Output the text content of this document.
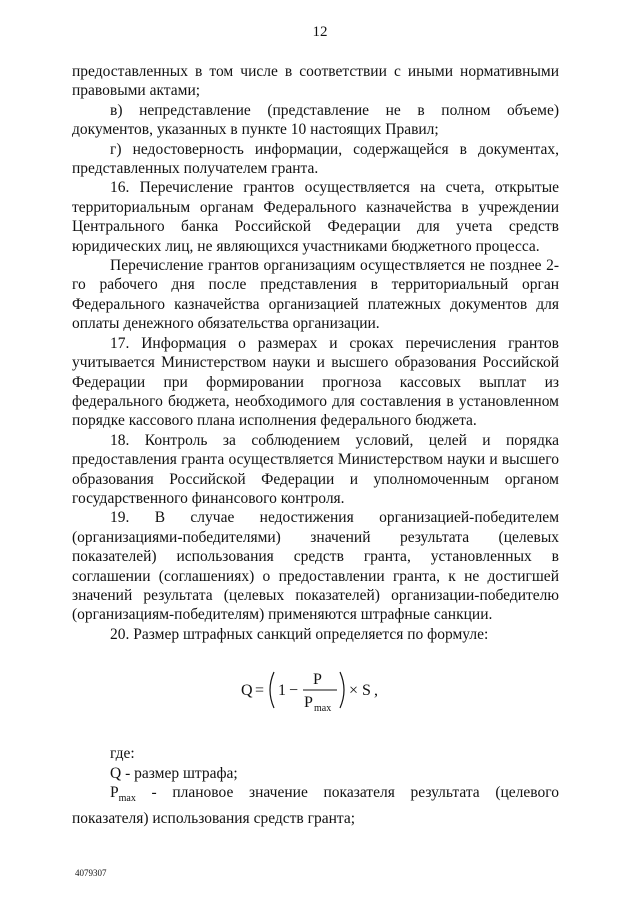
12

предоставленных в том числе в соответствии с иными нормативными правовыми актами;

в) непредставление (представление не в полном объеме) документов, указанных в пункте 10 настоящих Правил;

г) недостоверность информации, содержащейся в документах, представленных получателем гранта.

16. Перечисление грантов осуществляется на счета, открытые территориальным органам Федерального казначейства в учреждении Центрального банка Российской Федерации для учета средств юридических лиц, не являющихся участниками бюджетного процесса.

Перечисление грантов организациям осуществляется не позднее 2-го рабочего дня после представления в территориальный орган Федерального казначейства организацией платежных документов для оплаты денежного обязательства организации.

17. Информация о размерах и сроках перечисления грантов учитывается Министерством науки и высшего образования Российской Федерации при формировании прогноза кассовых выплат из федерального бюджета, необходимого для составления в установленном порядке кассового плана исполнения федерального бюджета.

18. Контроль за соблюдением условий, целей и порядка предоставления гранта осуществляется Министерством науки и высшего образования Российской Федерации и уполномоченным органом государственного финансового контроля.

19. В случае недостижения организацией-победителем (организациями-победителями) значений результата (целевых показателей) использования средств гранта, установленных в соглашении (соглашениях) о предоставлении гранта, к не достигшей значений результата (целевых показателей) организации-победителю (организациям-победителям) применяются штрафные санкции.

20. Размер штрафных санкций определяется по формуле:

Q = 1 −
P
P max
× S ,

где:

Q - размер штрафа;

$P_{max}$ - плановое значение показателя результата (целевого показателя) использования средств гранта;

4079307
